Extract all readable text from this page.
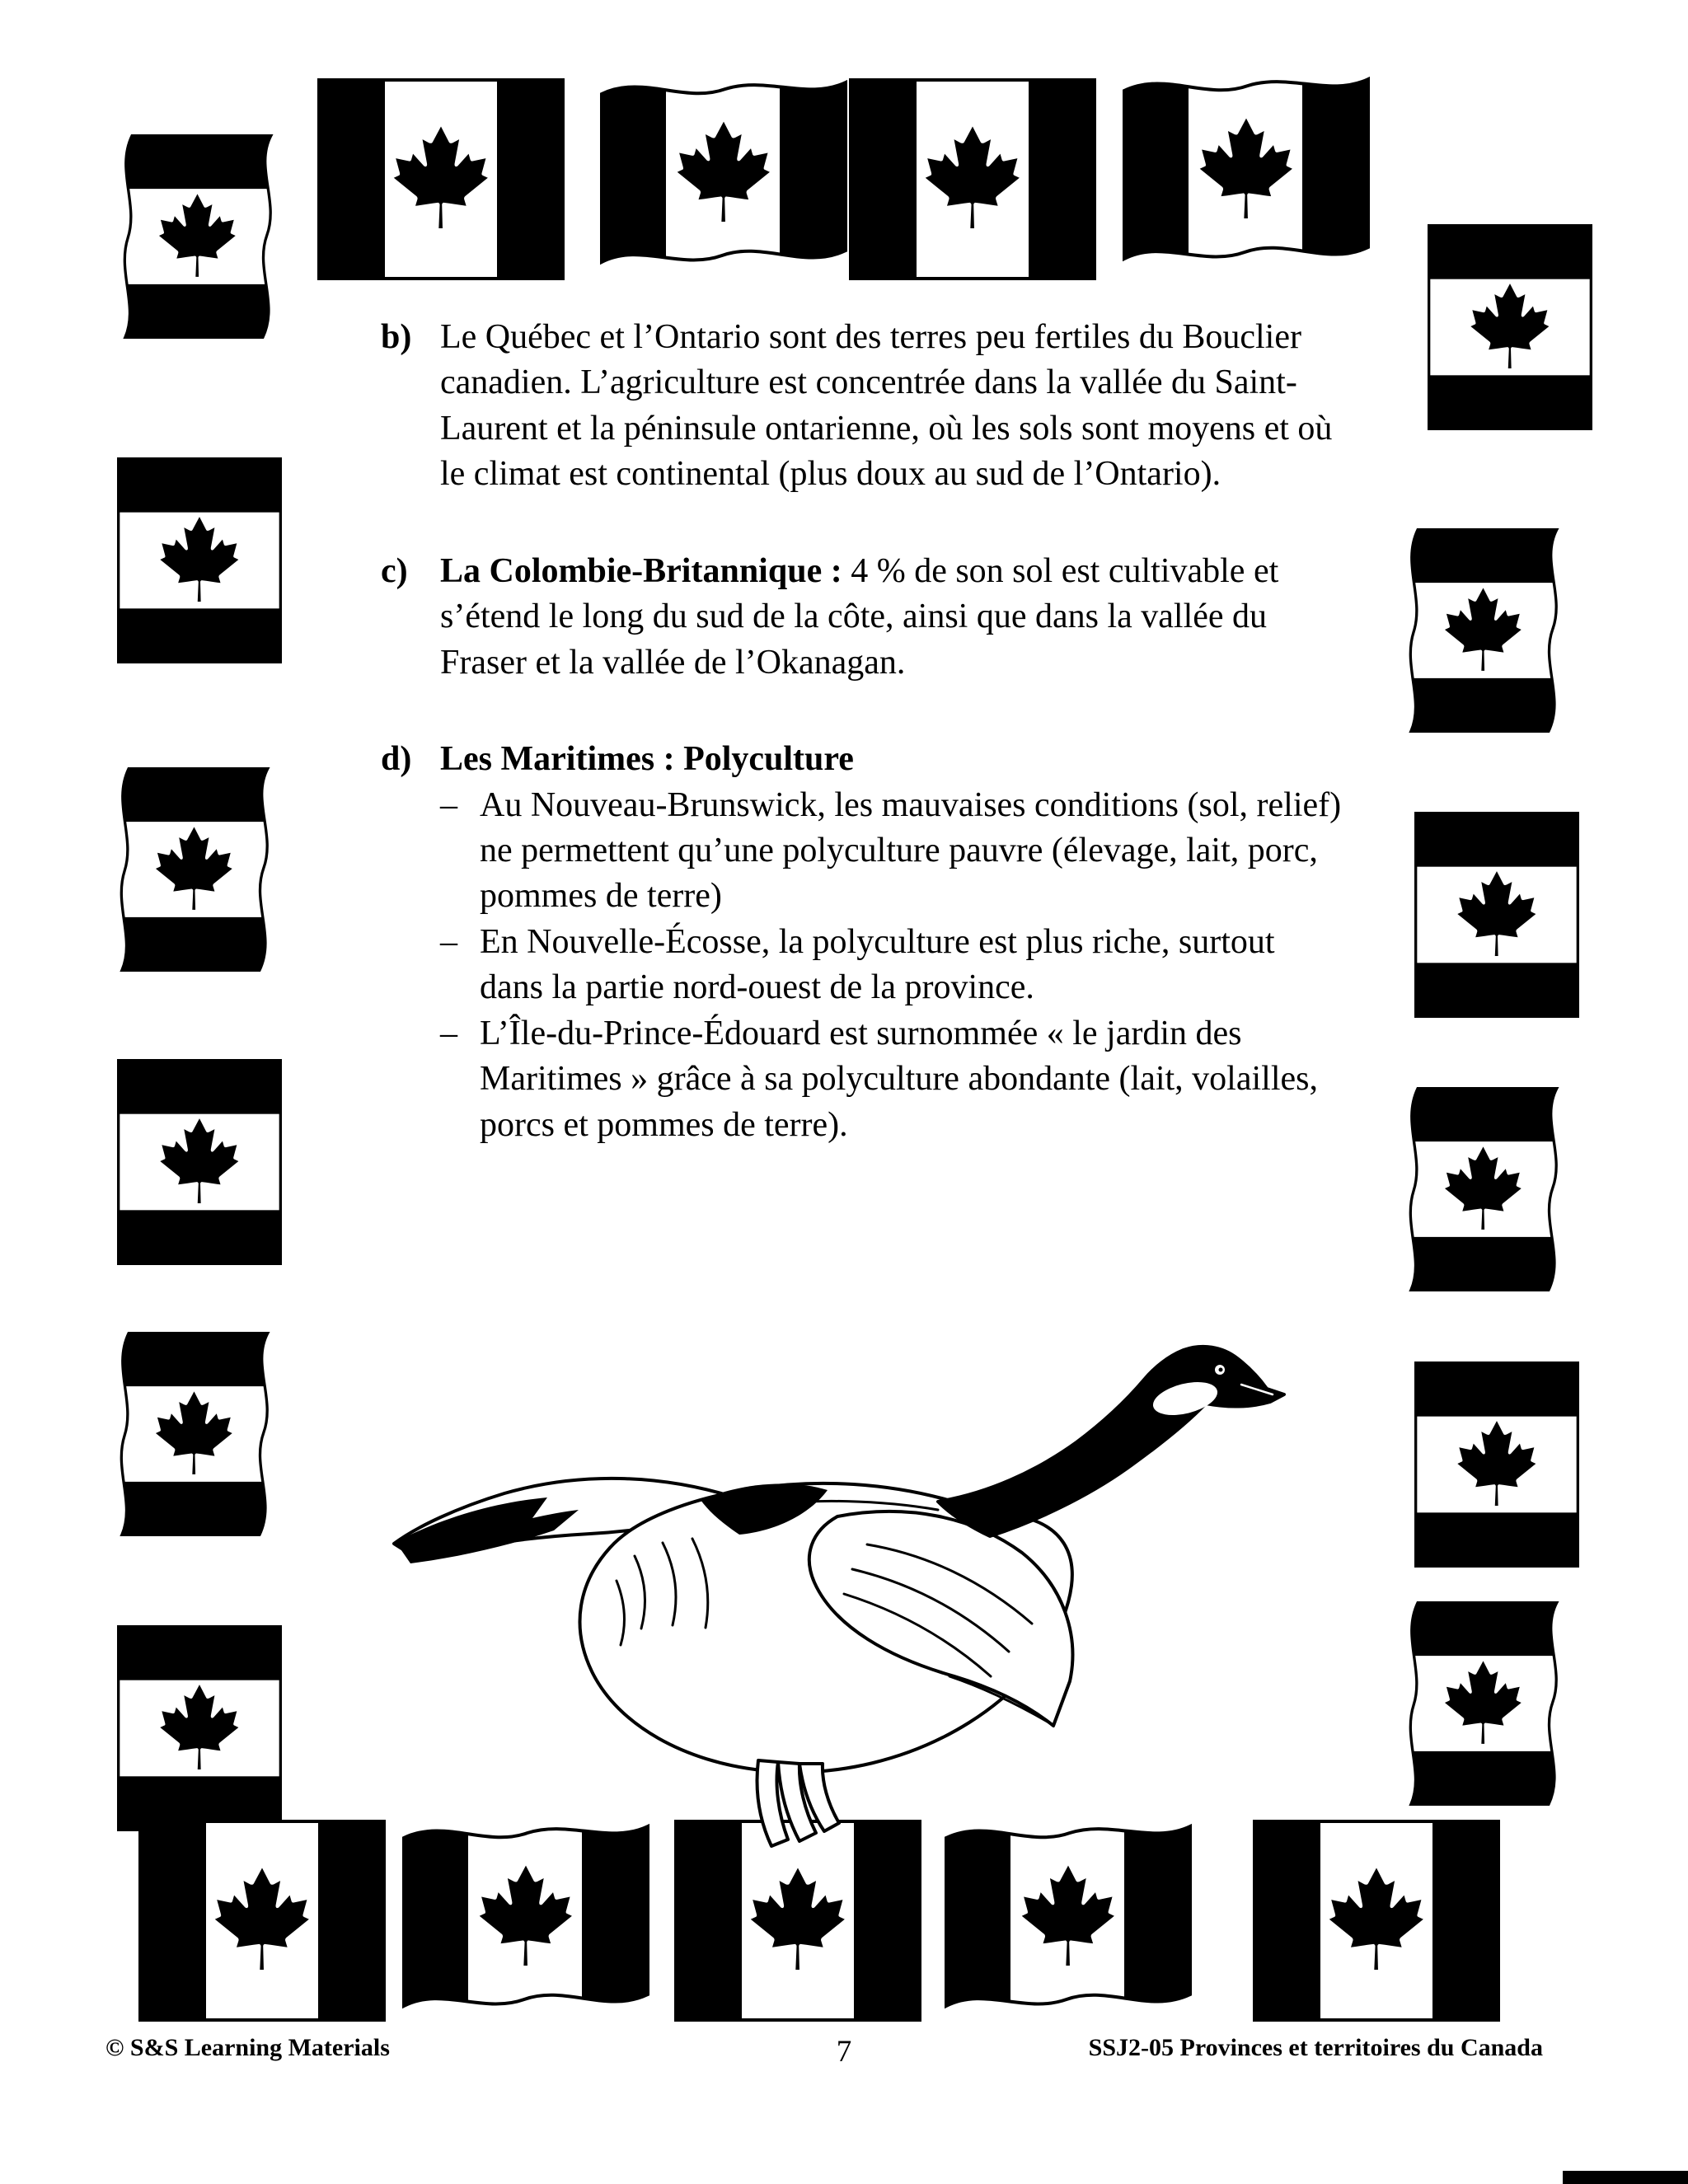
b) Le Québec et l’Ontario sont des terres peu fertiles du Bouclier canadien. L’agriculture est concentrée dans la vallée du Saint- Laurent et la péninsule ontarienne, où les sols sont moyens et où le climat est continental (plus doux au sud de l’Ontario).

c) La Colombie-Britannique : 4 % de son sol est cultivable et s’étend le long du sud de la côte, ainsi que dans la vallée du Fraser et la vallée de l’Okanagan.

d) Les Maritimes : Polyculture
– Au Nouveau-Brunswick, les mauvaises conditions (sol, relief) ne permettent qu’une polyculture pauvre (élevage, lait, porc, pommes de terre)
– En Nouvelle-Écosse, la polyculture est plus riche, surtout dans la partie nord-ouest de la province.
– L’Île-du-Prince-Édouard est surnommée « le jardin des Maritimes » grâce à sa polyculture abondante (lait, volailles, porcs et pommes de terre).
© S&S Learning Materials	7	SSJ2-05 Provinces et territoires du Canada
